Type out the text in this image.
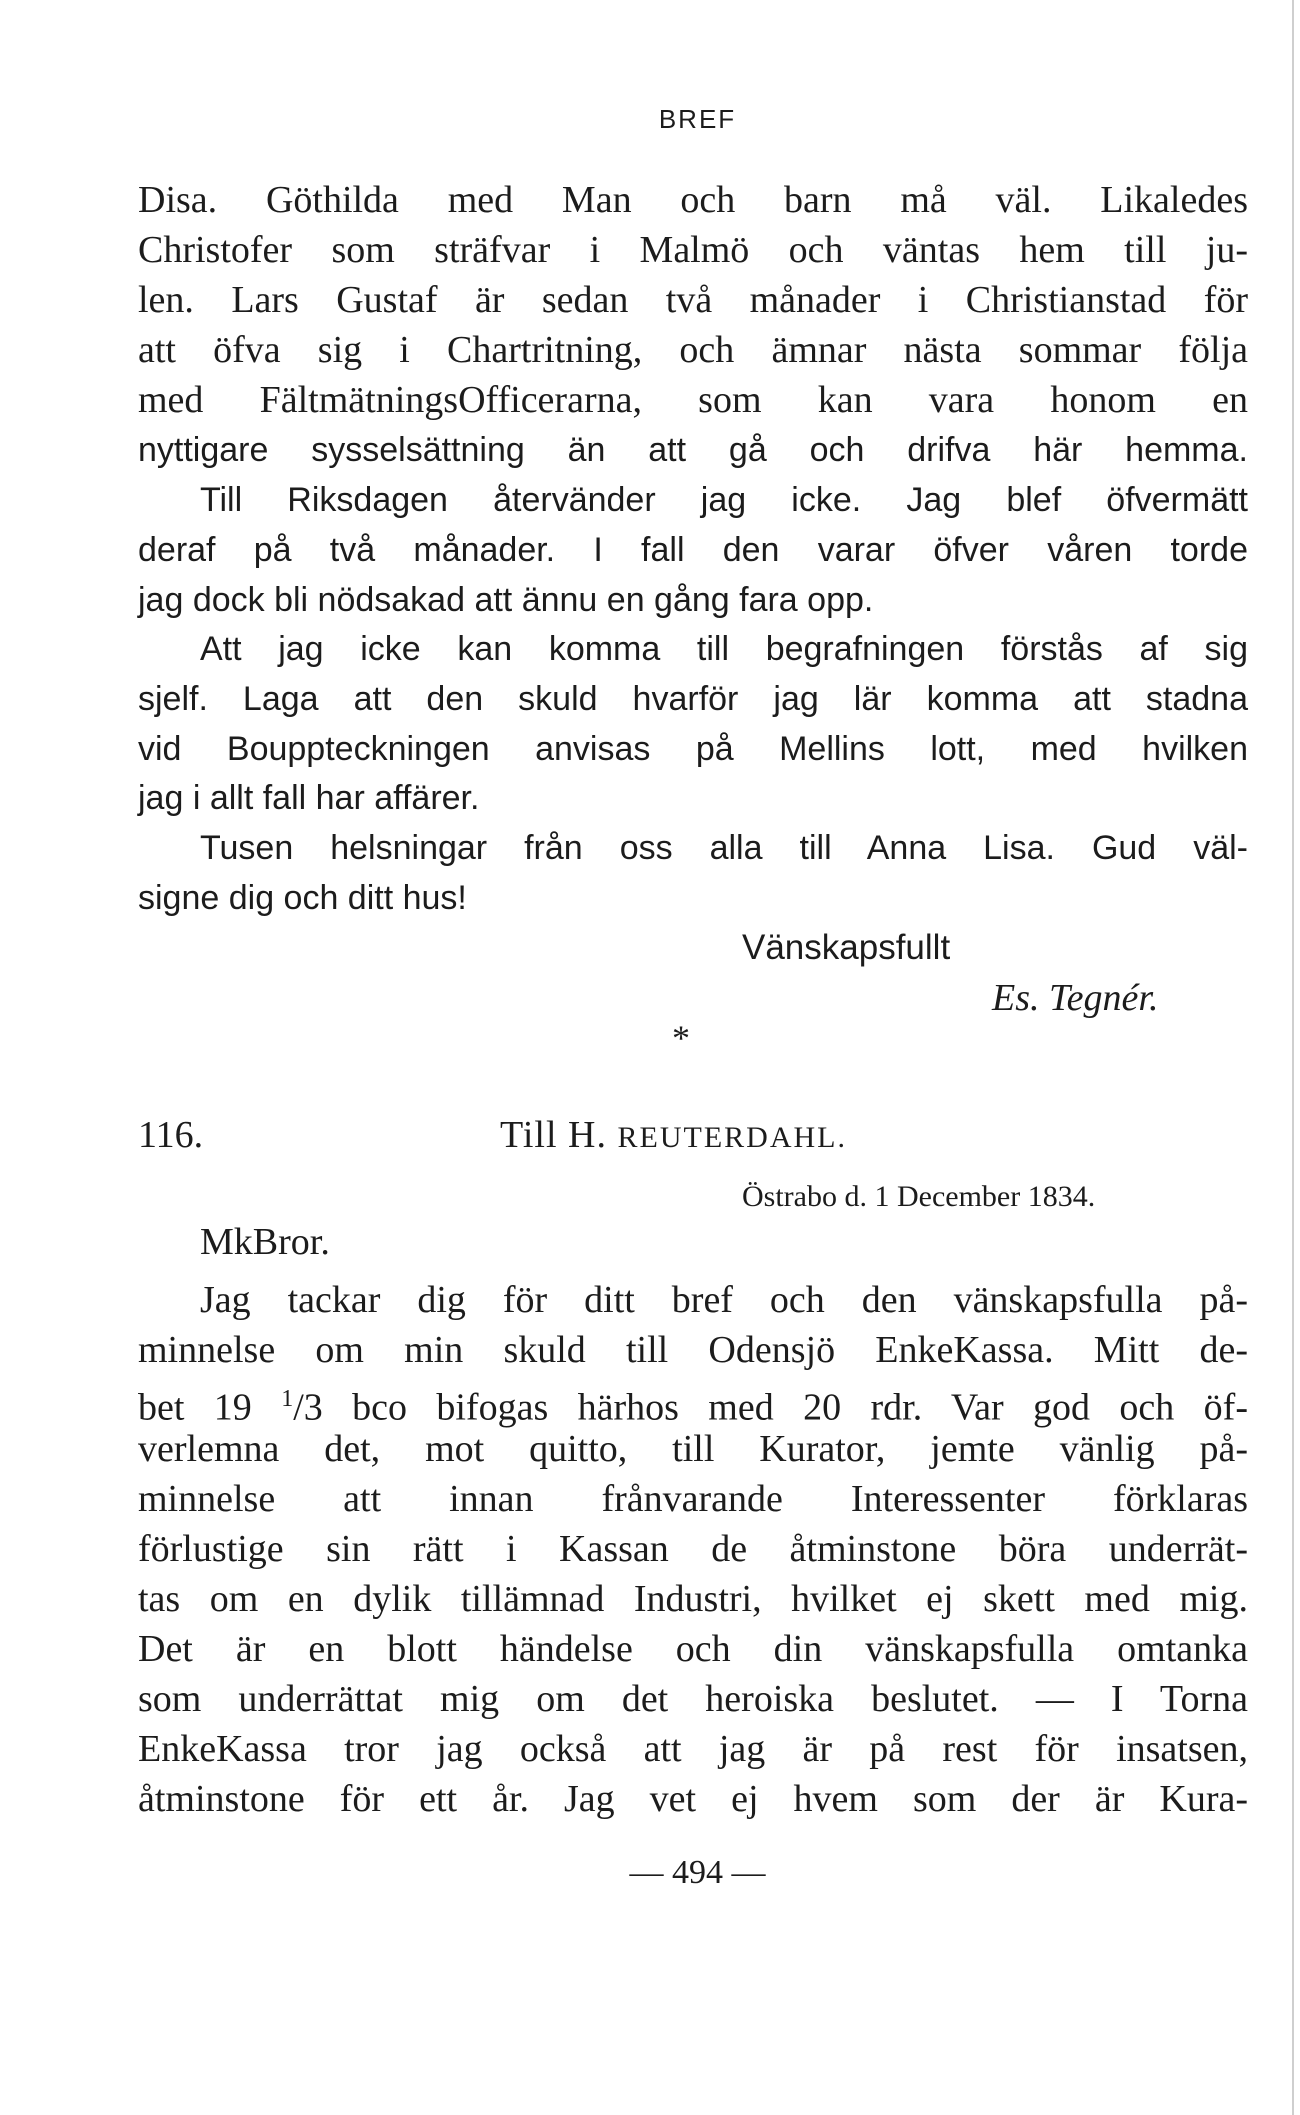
BREF
Disa. Göthilda med Man och barn må väl. Likaledes
Christofer som sträfvar i Malmö och väntas hem till ju-
len. Lars Gustaf är sedan två månader i Christianstad för
att öfva sig i Chartritning, och ämnar nästa sommar följa
med FältmätningsOfficerarna, som kan vara honom en
nyttigare sysselsättning än att gå och drifva här hemma.
Till Riksdagen återvänder jag icke. Jag blef öfvermätt
deraf på två månader. I fall den varar öfver våren torde
jag dock bli nödsakad att ännu en gång fara opp.
Att jag icke kan komma till begrafningen förstås af sig
sjelf. Laga att den skuld hvarför jag lär komma att stadna
vid Bouppteckningen anvisas på Mellins lott, med hvilken
jag i allt fall har affärer.
Tusen helsningar från oss alla till Anna Lisa. Gud väl-
signe dig och ditt hus!
Vänskapsfullt
Es. Tegnér.
*
116.	Till H. REUTERDAHL.
Östrabo d. 1 December 1834.
MkBror.
Jag tackar dig för ditt bref och den vänskapsfulla på-
minnelse om min skuld till Odensjö EnkeKassa. Mitt de-
bet 19 $^1$/3 bco bifogas härhos med 20 rdr. Var god och öf-
verlemna det, mot quitto, till Kurator, jemte vänlig på-
minnelse att innan frånvarande Interessenter förklaras
förlustige sin rätt i Kassan de åtminstone böra underrät-
tas om en dylik tillämnad Industri, hvilket ej skett med mig.
Det är en blott händelse och din vänskapsfulla omtanka
som underrättat mig om det heroiska beslutet. — I Torna
EnkeKassa tror jag också att jag är på rest för insatsen,
åtminstone för ett år. Jag vet ej hvem som der är Kura-
— 494 —
